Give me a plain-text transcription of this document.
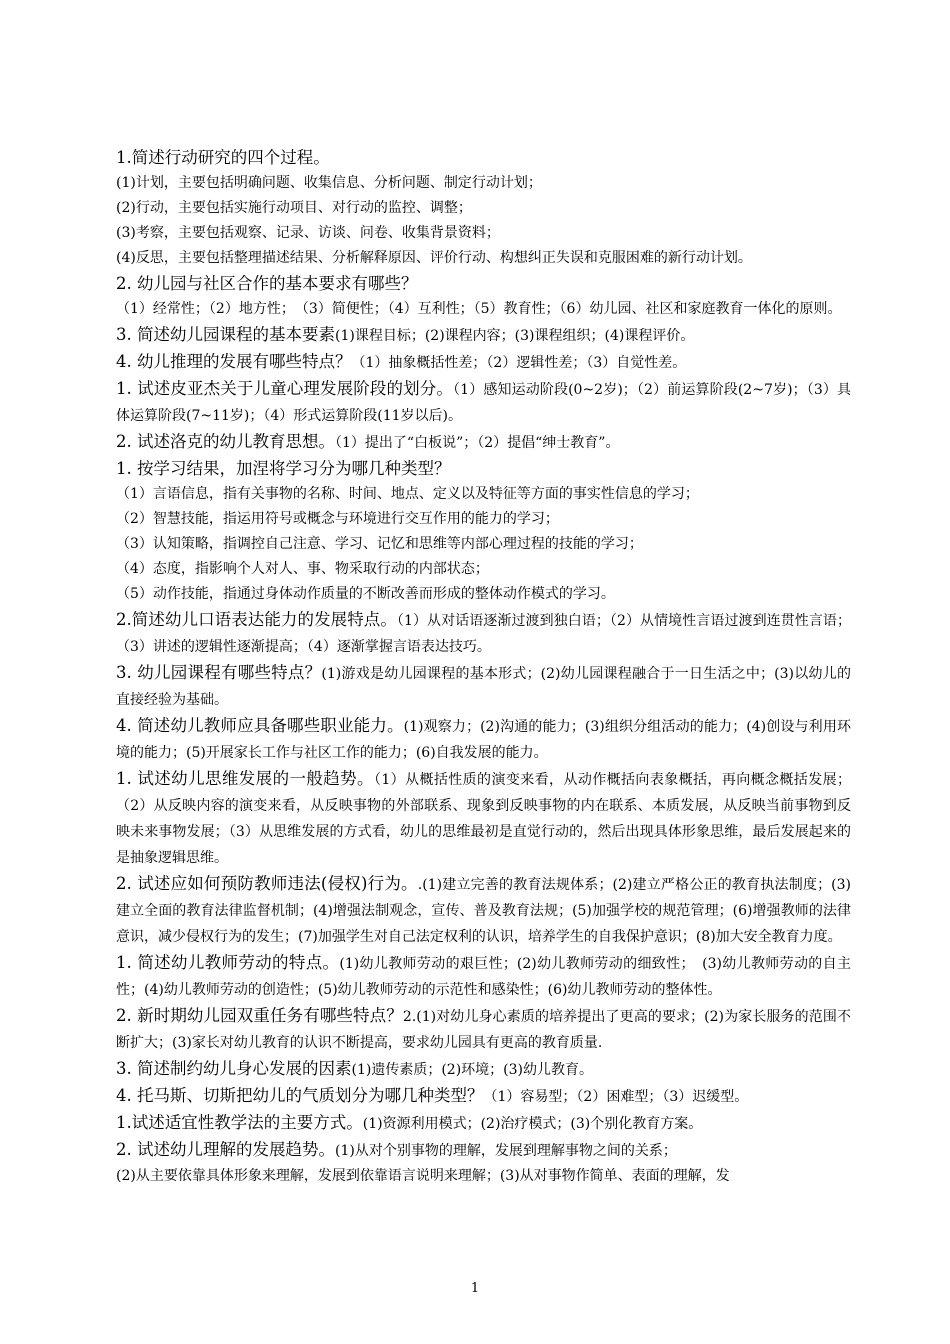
1.简述行动研究的四个过程。

(1)计划，主要包括明确问题、收集信息、分析问题、制定行动计划；

(2)行动，主要包括实施行动项目、对行动的监控、调整；

(3)考察，主要包括观察、记录、访谈、问卷、收集背景资料；

(4)反思，主要包括整理描述结果、分析解释原因、评价行动、构想纠正失误和克服困难的新行动计划。

2. 幼儿园与社区合作的基本要求有哪些？

（1）经常性；（2）地方性；　（3）简便性；（4）互利性；（5）教育性；（6）幼儿园、社区和家庭教育一体化的原则。

3. 简述幼儿园课程的基本要素(1)课程目标；(2)课程内容；(3)课程组织；(4)课程评价。

4. 幼儿推理的发展有哪些特点？（1）抽象概括性差；（2）逻辑性差；（3）自觉性差。

1. 试述皮亚杰关于儿童心理发展阶段的划分。（1）感知运动阶段(0~2岁)；（2）前运算阶段(2~7岁)；（3）具体运算阶段(7~11岁)；（4）形式运算阶段(11岁以后)。

2. 试述洛克的幼儿教育思想。（1）提出了“白板说”；（2）提倡“绅士教育”。

1. 按学习结果，加涅将学习分为哪几种类型？

（1）言语信息，指有关事物的名称、时间、地点、定义以及特征等方面的事实性信息的学习；

（2）智慧技能，指运用符号或概念与环境进行交互作用的能力的学习；

（3）认知策略，指调控自己注意、学习、记忆和思维等内部心理过程的技能的学习；

（4）态度，指影响个人对人、事、物采取行动的内部状态；

（5）动作技能，指通过身体动作质量的不断改善而形成的整体动作模式的学习。

2.简述幼儿口语表达能力的发展特点。（1）从对话语逐渐过渡到独白语；（2）从情境性言语过渡到连贯性言语；（3）讲述的逻辑性逐渐提高；（4）逐渐掌握言语表达技巧。

3. 幼儿园课程有哪些特点？(1)游戏是幼儿园课程的基本形式；(2)幼儿园课程融合于一日生活之中；(3)以幼儿的直接经验为基础。

4. 简述幼儿教师应具备哪些职业能力。(1)观察力；(2)沟通的能力；(3)组织分组活动的能力；(4)创设与利用环境的能力；(5)开展家长工作与社区工作的能力；(6)自我发展的能力。

1. 试述幼儿思维发展的一般趋势。（1）从概括性质的演变来看，从动作概括向表象概括，再向概念概括发展；（2）从反映内容的演变来看，从反映事物的外部联系、现象到反映事物的内在联系、本质发展，从反映当前事物到反映未来事物发展；（3）从思维发展的方式看，幼儿的思维最初是直觉行动的，然后出现具体形象思维，最后发展起来的是抽象逻辑思维。

2. 试述应如何预防教师违法(侵权)行为。.(1)建立完善的教育法规体系；(2)建立严格公正的教育执法制度；(3)建立全面的教育法律监督机制；(4)增强法制观念，宣传、普及教育法规；(5)加强学校的规范管理；(6)增强教师的法律意识，减少侵权行为的发生；(7)加强学生对自己法定权利的认识，培养学生的自我保护意识；(8)加大安全教育力度。

1. 简述幼儿教师劳动的特点。(1)幼儿教师劳动的艰巨性；(2)幼儿教师劳动的细致性；　(3)幼儿教师劳动的自主性；(4)幼儿教师劳动的创造性；(5)幼儿教师劳动的示范性和感染性；(6)幼儿教师劳动的整体性。

2. 新时期幼儿园双重任务有哪些特点？2.(1)对幼儿身心素质的培养提出了更高的要求；(2)为家长服务的范围不断扩大；(3)家长对幼儿教育的认识不断提高，要求幼儿园具有更高的教育质量.

3. 简述制约幼儿身心发展的因素(1)遗传素质；(2)环境；(3)幼儿教育。

4. 托马斯、切斯把幼儿的气质划分为哪几种类型？（1）容易型；（2）困难型；（3）迟缓型。

1.试述适宜性教学法的主要方式。(1)资源利用模式；(2)治疗模式；(3)个别化教育方案。

2. 试述幼儿理解的发展趋势。(1)从对个别事物的理解，发展到理解事物之间的关系；

(2)从主要依靠具体形象来理解，发展到依靠语言说明来理解；(3)从对事物作简单、表面的理解，发

1
